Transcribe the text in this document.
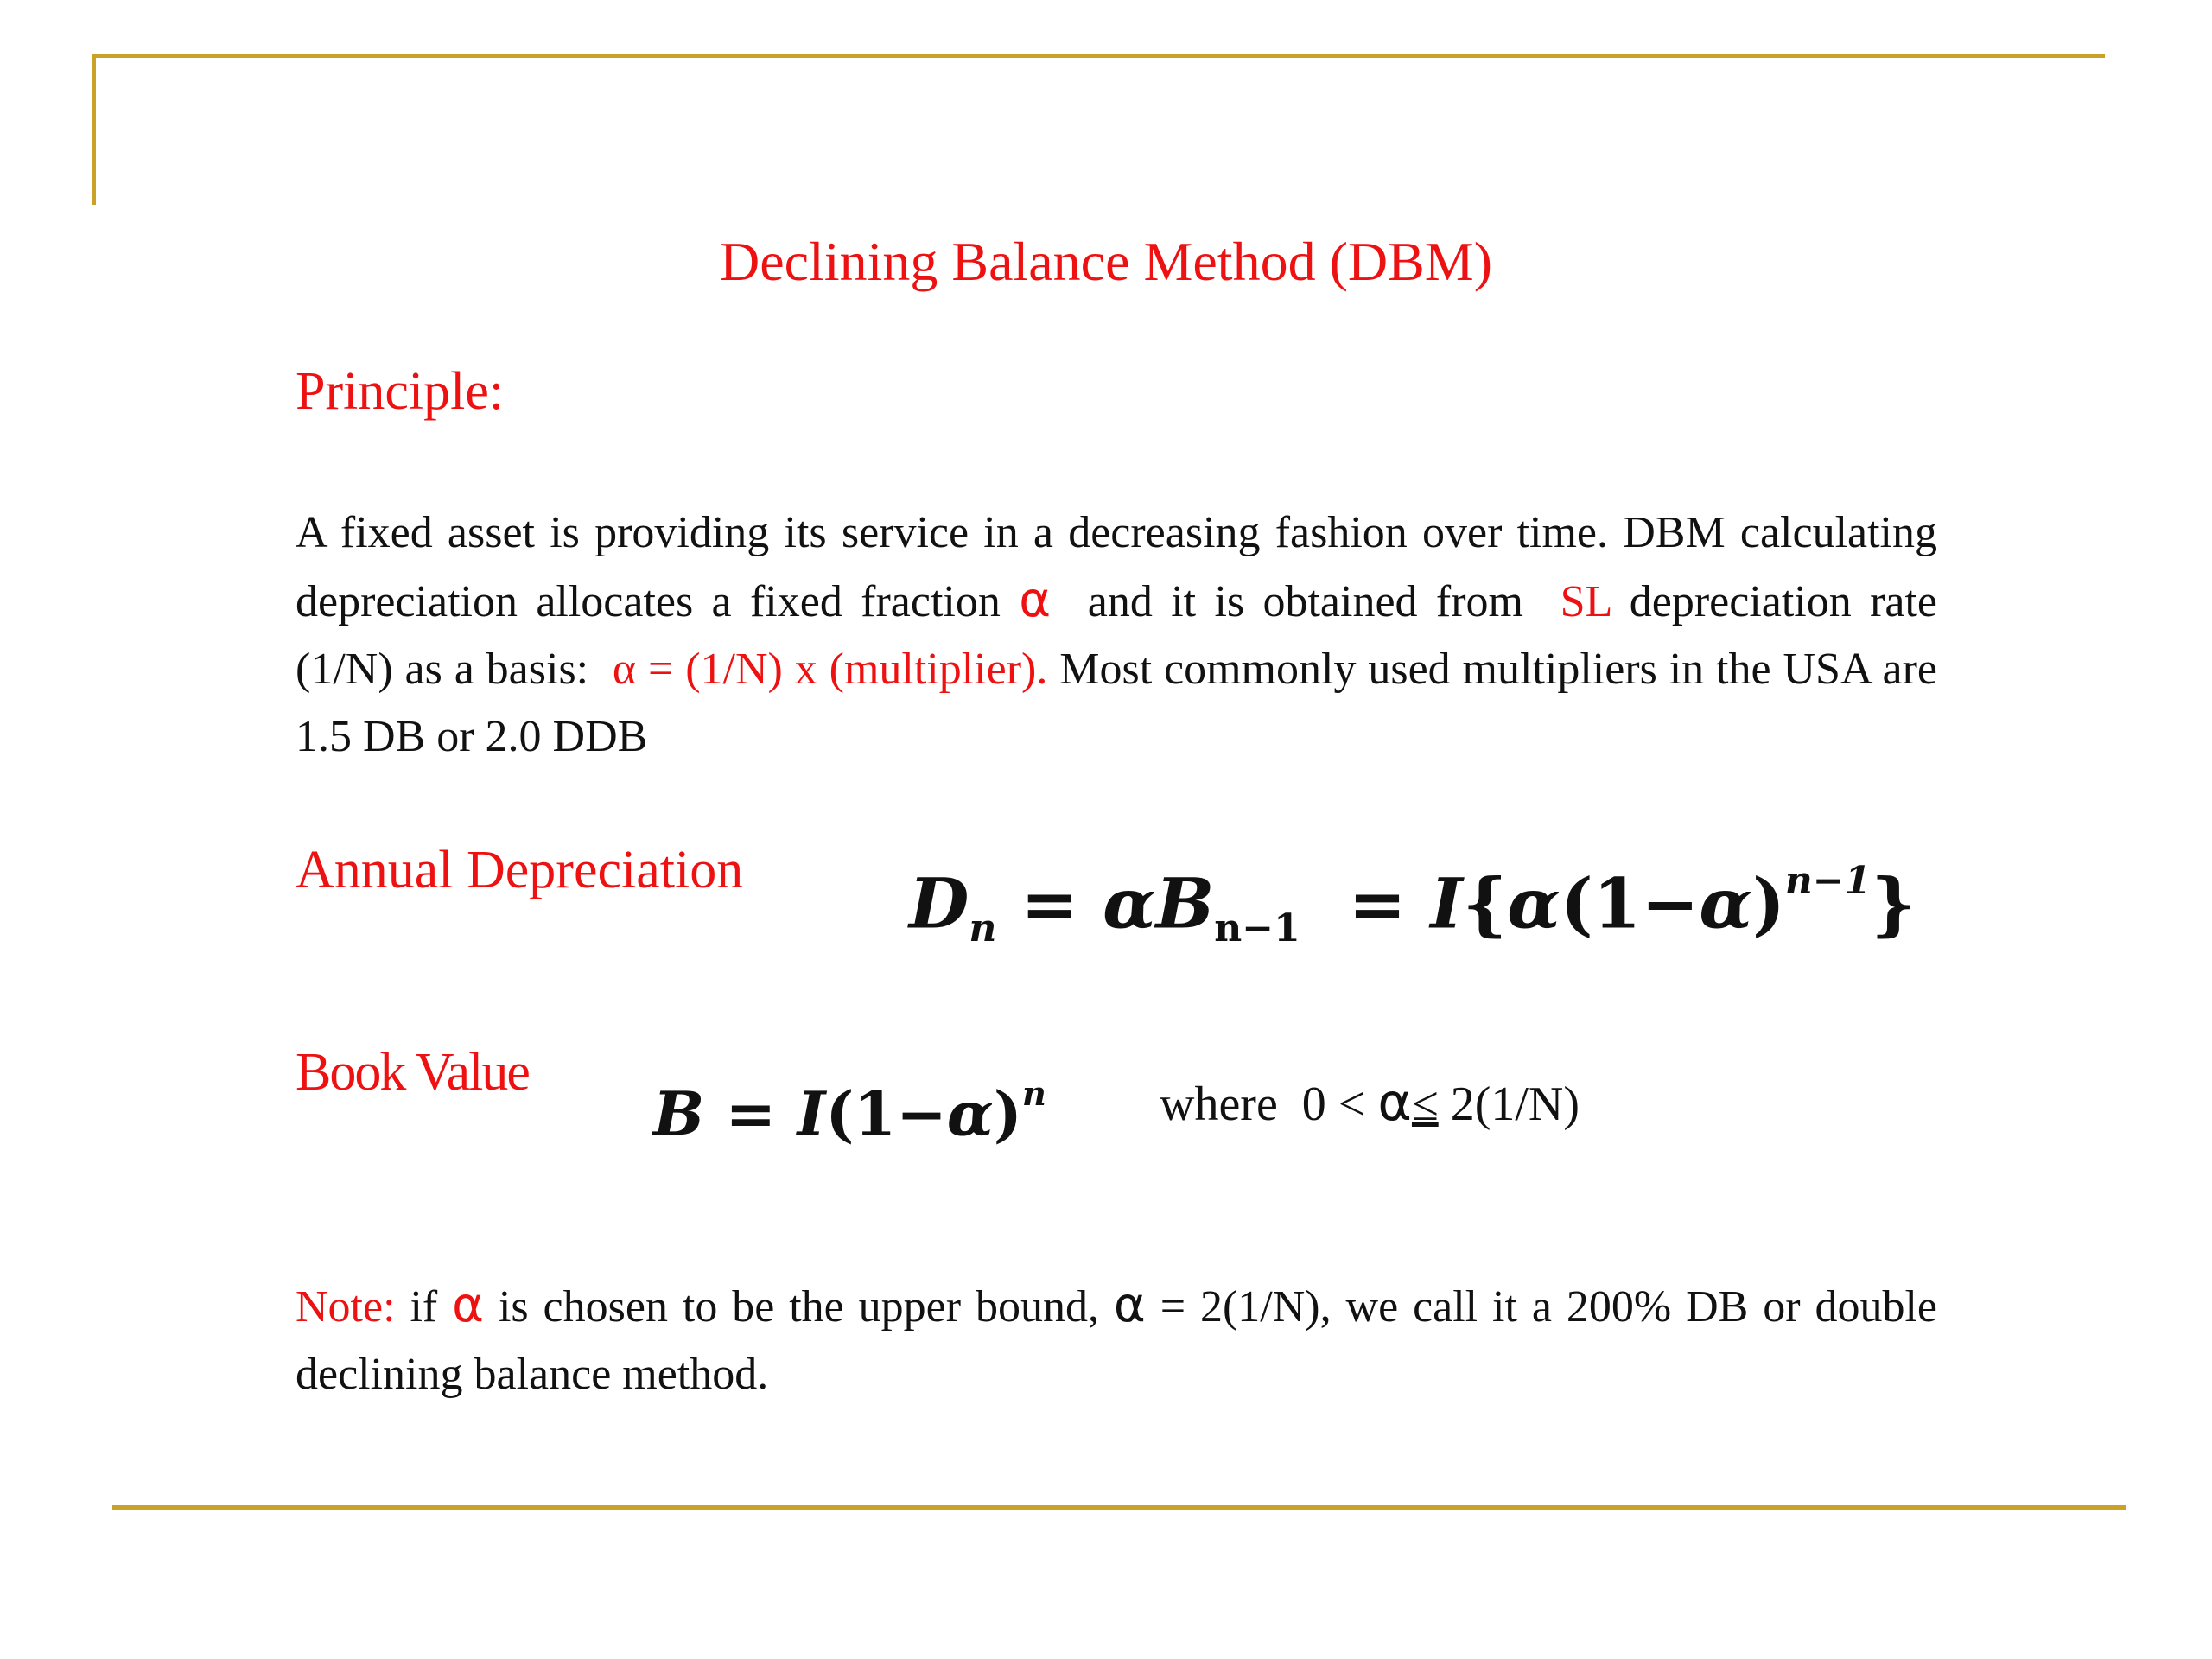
Declining Balance Method (DBM)
Principle:
A fixed asset is providing its service in a decreasing fashion over time. DBM calculating  depreciation allocates a fixed fraction α  and it is obtained from  SL depreciation rate (1/N) as a basis:  α = (1/N) x (multiplier). Most commonly used multipliers in the USA are 1.5 DB or 2.0 DDB
Annual Depreciation $Dn = \alpha Bn-1 = I\{\alpha(1-\alpha)^{n-1}\}$
Book Value
$B = I(1-\alpha)^n$ where  0 < α≤ 2(1/N)
Note: if α is chosen to be the upper bound, α = 2(1/N), we call it a 200% DB or double declining balance method.
